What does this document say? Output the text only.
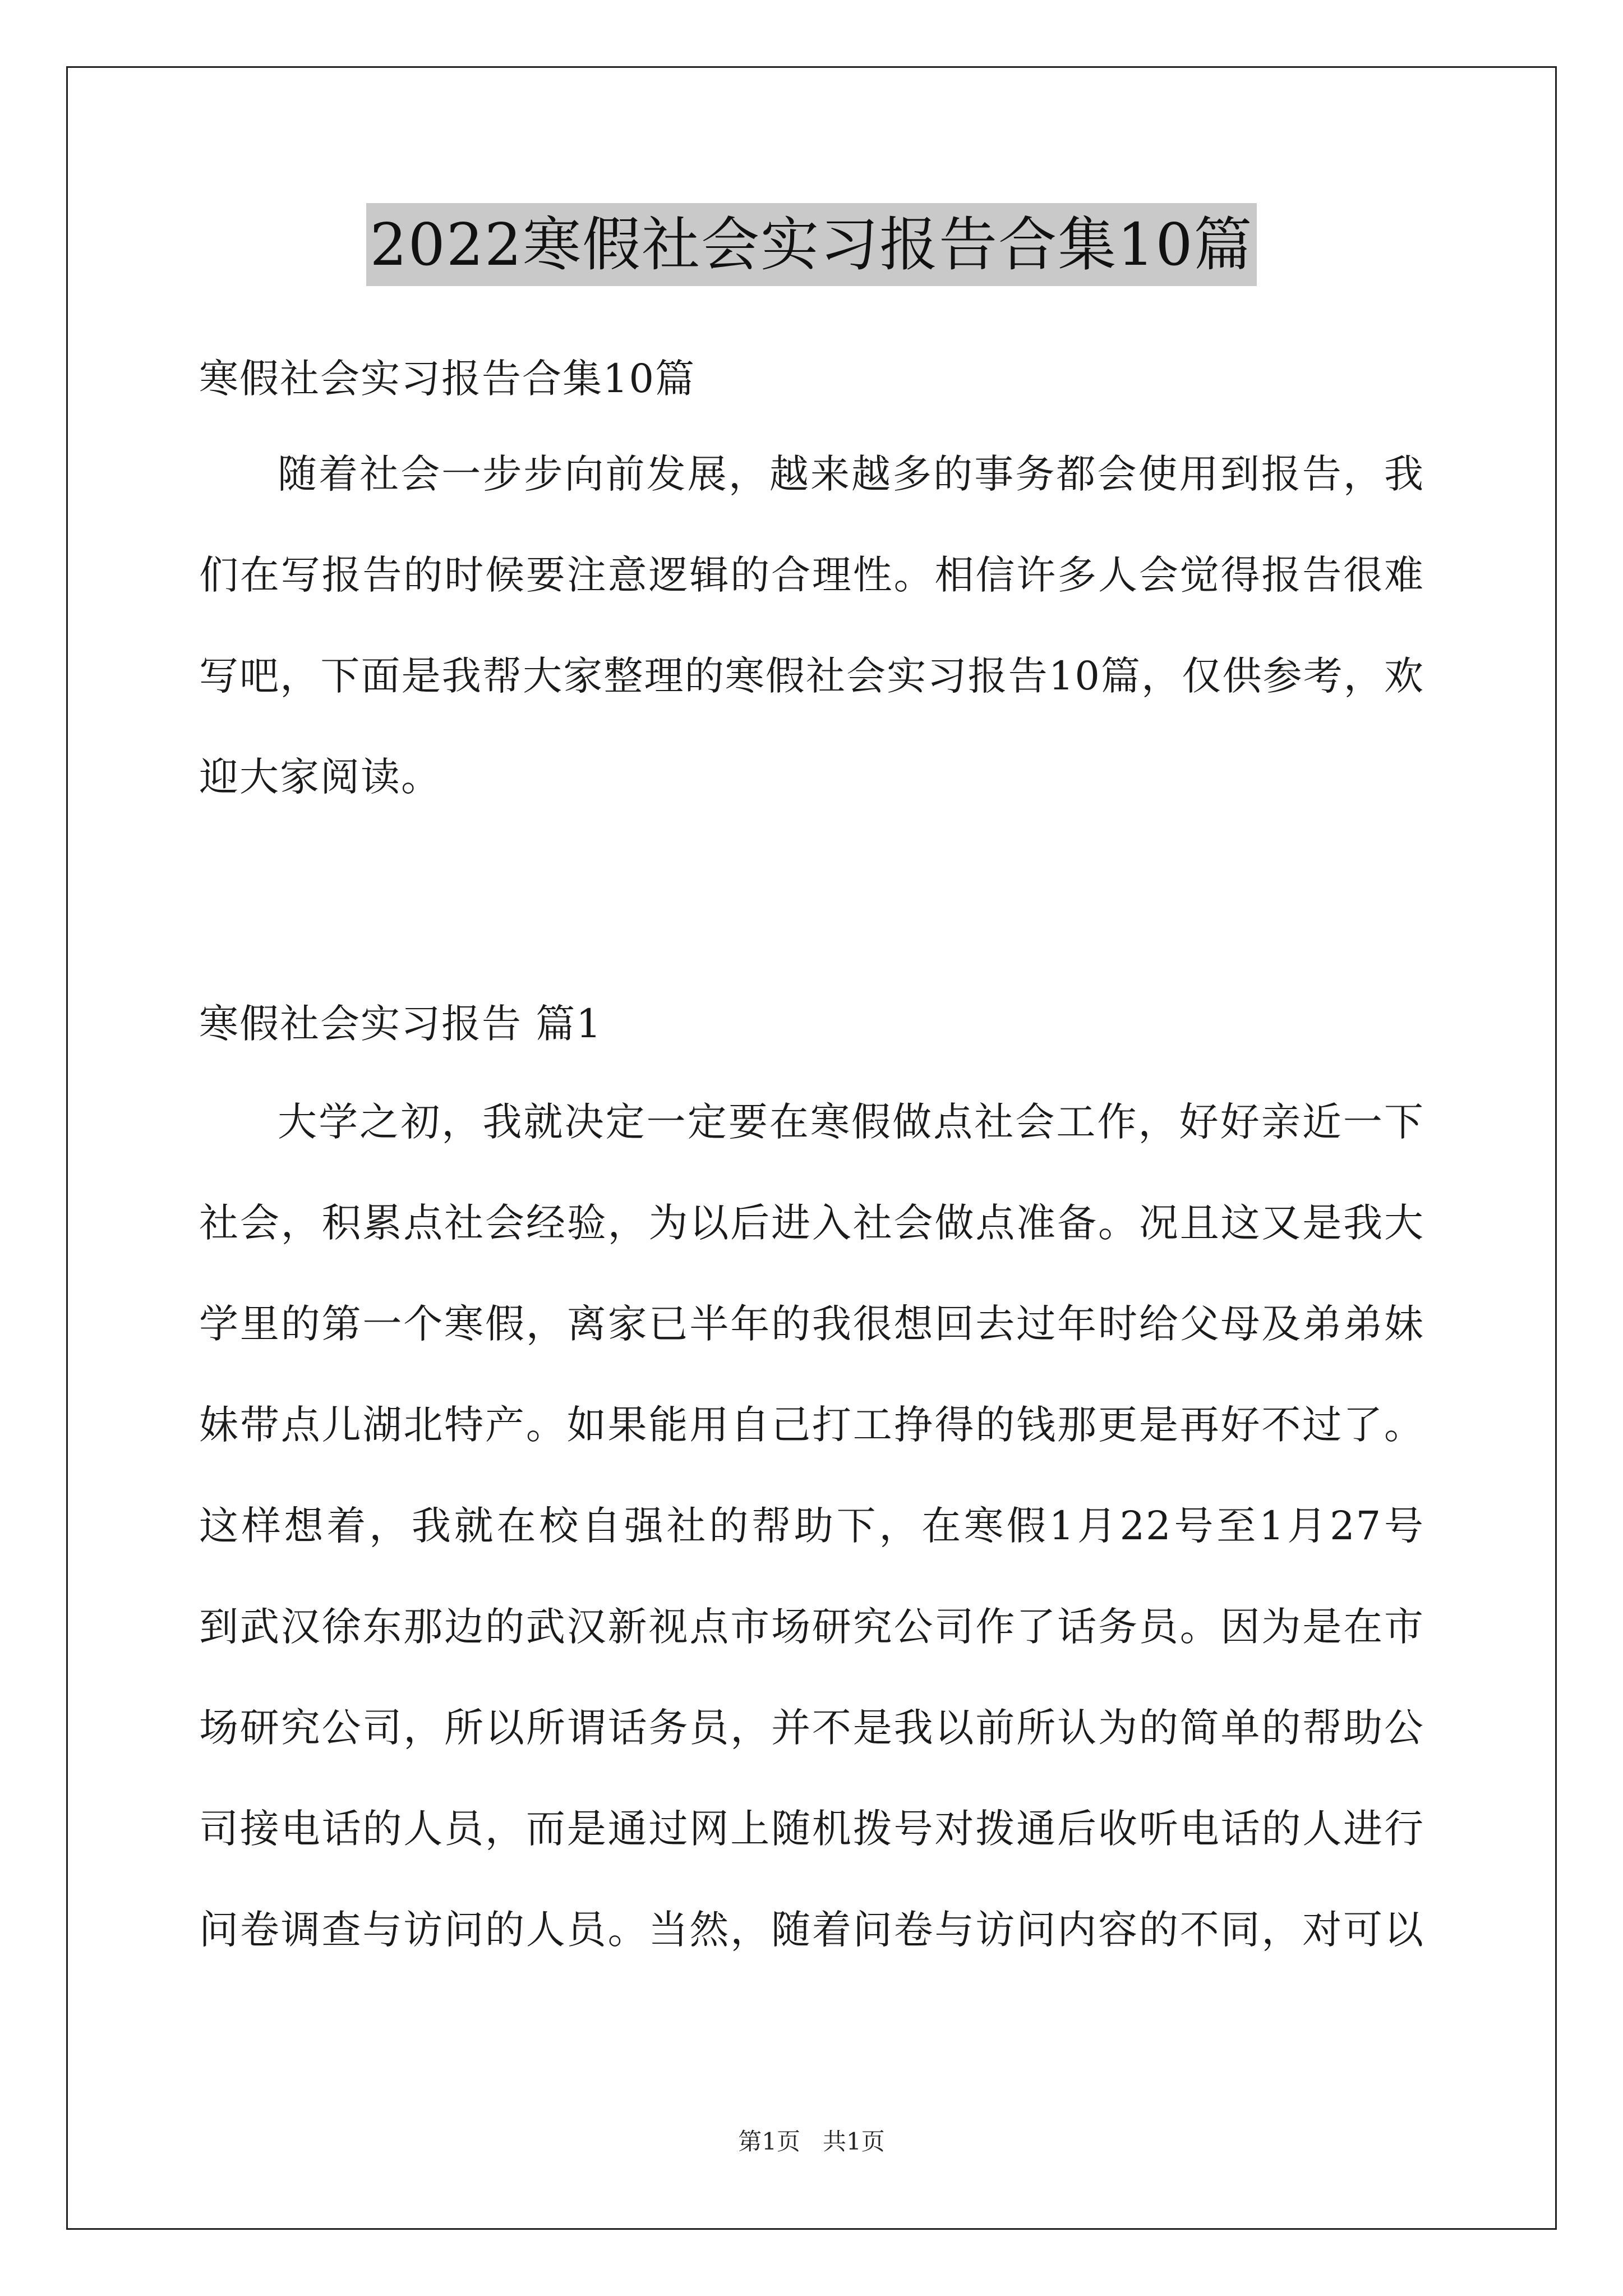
2022寒假社会实习报告合集10篇
寒假社会实习报告合集10篇
随着社会一步步向前发展，越来越多的事务都会使用到报告，我
们在写报告的时候要注意逻辑的合理性。相信许多人会觉得报告很难
写吧，下面是我帮大家整理的寒假社会实习报告10篇，仅供参考，欢
迎大家阅读。
寒假社会实习报告 篇1
大学之初，我就决定一定要在寒假做点社会工作，好好亲近一下
社会，积累点社会经验，为以后进入社会做点准备。况且这又是我大
学里的第一个寒假，离家已半年的我很想回去过年时给父母及弟弟妹
妹带点儿湖北特产。如果能用自己打工挣得的钱那更是再好不过了。
这样想着，我就在校自强社的帮助下，在寒假1月22号至1月27号
到武汉徐东那边的武汉新视点市场研究公司作了话务员。因为是在市
场研究公司，所以所谓话务员，并不是我以前所认为的简单的帮助公
司接电话的人员，而是通过网上随机拨号对拨通后收听电话的人进行
问卷调查与访问的人员。当然，随着问卷与访问内容的不同，对可以
第1页   共1页
